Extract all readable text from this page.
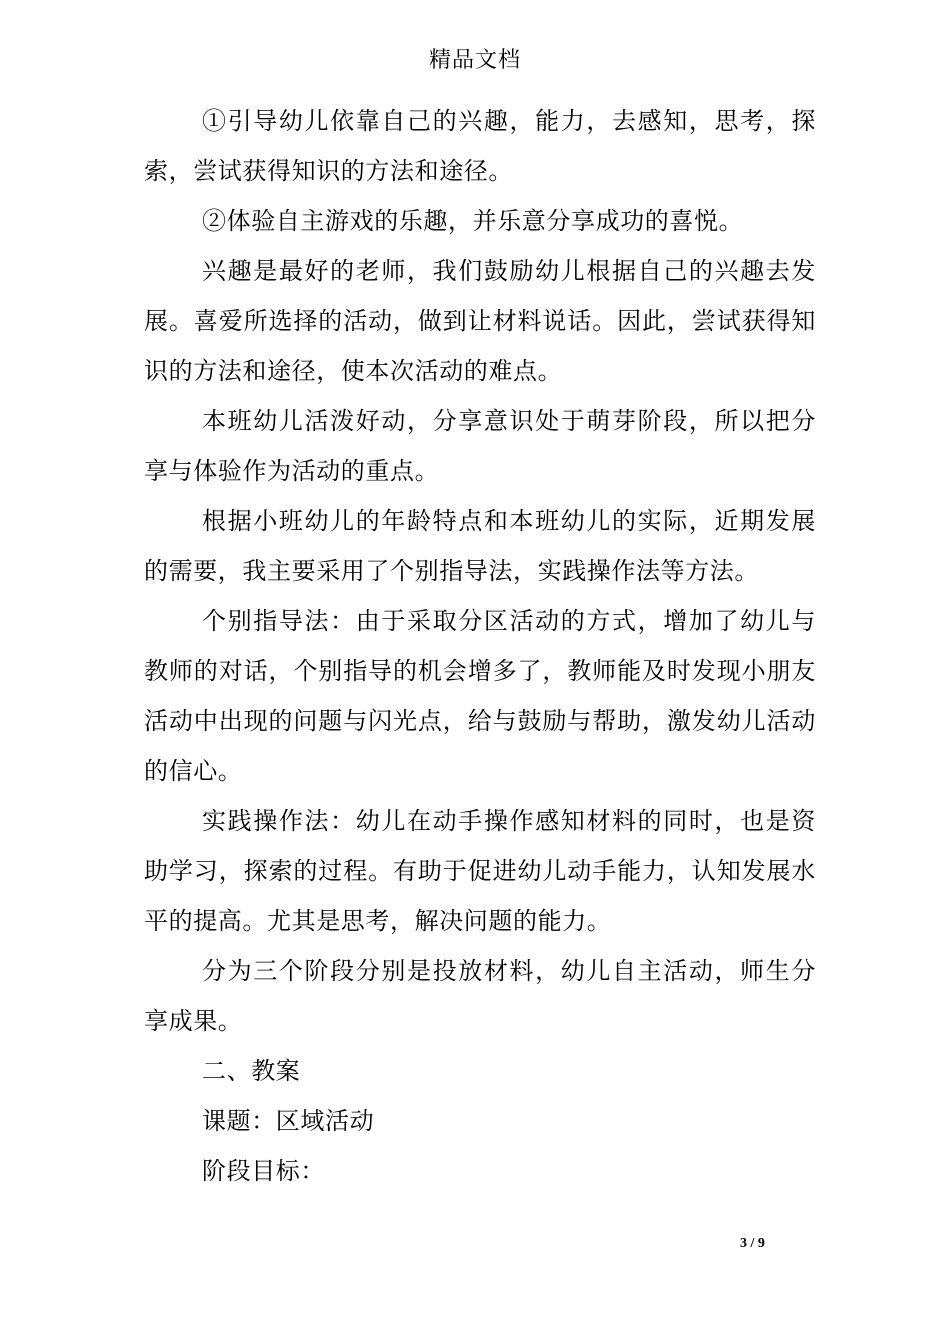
精品文档

①引导幼儿依靠自己的兴趣，能力，去感知，思考，探索，尝试获得知识的方法和途径。

②体验自主游戏的乐趣，并乐意分享成功的喜悦。

兴趣是最好的老师，我们鼓励幼儿根据自己的兴趣去发展。喜爱所选择的活动，做到让材料说话。因此，尝试获得知识的方法和途径，使本次活动的难点。

本班幼儿活泼好动，分享意识处于萌芽阶段，所以把分享与体验作为活动的重点。

根据小班幼儿的年龄特点和本班幼儿的实际，近期发展的需要，我主要采用了个别指导法，实践操作法等方法。

个别指导法：由于采取分区活动的方式，增加了幼儿与教师的对话，个别指导的机会增多了，教师能及时发现小朋友活动中出现的问题与闪光点，给与鼓励与帮助，激发幼儿活动的信心。

实践操作法：幼儿在动手操作感知材料的同时，也是资助学习，探索的过程。有助于促进幼儿动手能力，认知发展水平的提高。尤其是思考，解决问题的能力。

分为三个阶段分别是投放材料，幼儿自主活动，师生分享成果。

二、教案

课题：区域活动

阶段目标：

3 / 9
